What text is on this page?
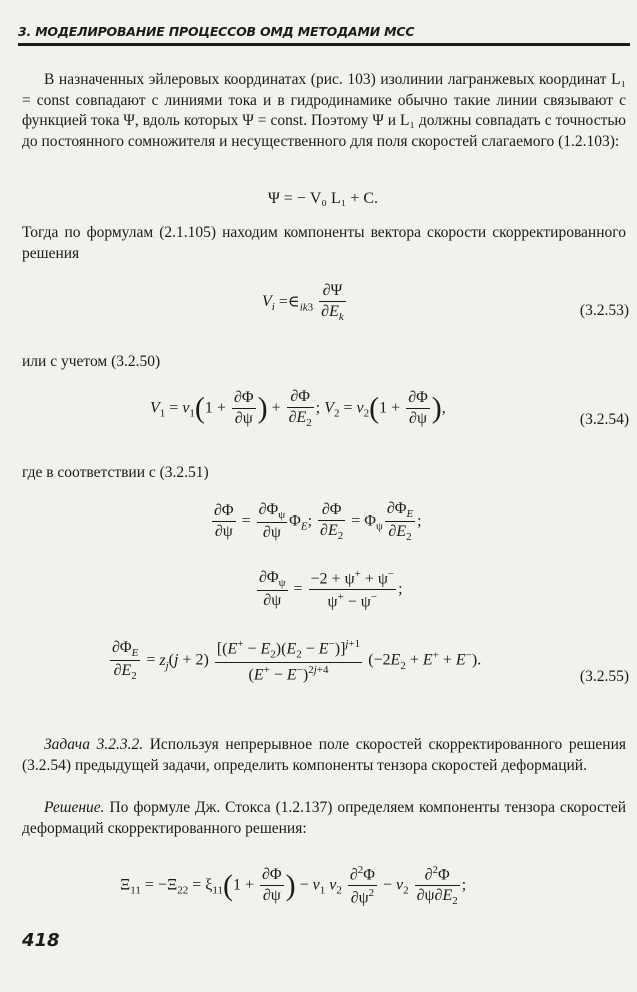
3. МОДЕЛИРОВАНИЕ ПРОЦЕССОВ ОМД МЕТОДАМИ МСС

В назначенных эйлеровых координатах (рис. 103) изолинии лагранжевых координат L₁ = const совпадают с линиями тока и в гидродинамике обычно такие линии связывают с функцией тока Ψ, вдоль которых Ψ = const. Поэтому Ψ и L₁ должны совпадать с точностью до постоянного сомножителя и несущественного для поля скоростей слагаемого (1.2.103):

Ψ = − V₀ L₁ + C.

Тогда по формулам (2.1.105) находим компоненты вектора скорости скорректированного решения

$V_i$ $=\in_{ik3} \frac{\partial\Psi}{\partial E_k}$	(3.2.53)

или с учетом (3.2.50)

$V_1 = v_1(1 + \frac{\partial\Phi}{\partial\psi}$ ) + $\frac{\partial\Phi}{\partial E_2}$ ; $V_2 = v_2(1 + \frac{\partial\Phi}{\partial\psi}$ ),
(3.2.54)

где в соответствии с (3.2.51)

$\frac{\partial\Phi}{\partial\psi} = \frac{\partial\Phi_\psi}{\partial\psi} \Phi_E$; $\frac{\partial\Phi}{\partial E_2} = \Phi_\psi \frac{\partial\Phi_E}{\partial E_2}$ ;
$\frac{\partial\Phi_\psi}{\partial\psi} = \frac{-2 + \psi^+ + \psi^-}{\psi^+ - \psi^-}$ ;
$\frac{\partial\Phi_E}{\partial E_2} = z_j(j + 2) \frac{[(E^+ - E_2)(E_2 - E^-)]^{j+1}}{(E^+ - E^-)^{2j+4}} (-2E_2 + E^+ + E^-)$.
(3.2.55)

Задача 3.2.3.2. Используя непрерывное поле скоростей скорректированного решения (3.2.54) предыдущей задачи, определить компоненты тензора скоростей деформаций.

Решение. По формуле Дж. Стокса (1.2.137) определяем компоненты тензора скоростей деформаций скорректированного решения:

$\Xi_{11} = -\Xi_{22} = \xi_{11}(1 + \frac{\partial\Phi}{\partial\psi}$ ) − $v_1$ $v_2 \frac{\partial^2\Phi}{\partial\psi^2} - v_2 \frac{\partial^2\Phi}{\partial\psi\partial E_2}$ ;
418
